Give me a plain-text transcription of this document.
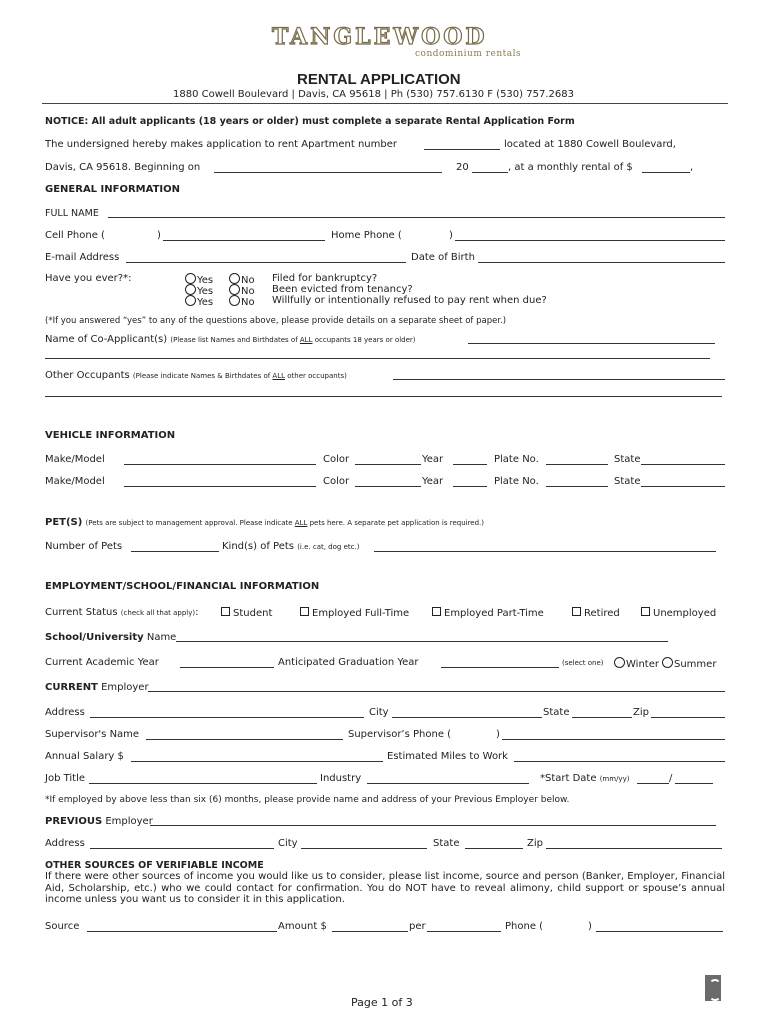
TANGLEWOOD
condominium rentals
RENTAL APPLICATION
1880 Cowell Boulevard | Davis, CA 95618 | Ph (530) 757.6130 F (530) 757.2683
NOTICE: All adult applicants (18 years or older) must complete a separate Rental Application Form
The undersigned hereby makes application to rent Apartment number	located at 1880 Cowell Boulevard,
Davis, CA 95618. Beginning on	20	, at a monthly rental of $	,
GENERAL INFORMATION
FULL NAME
Cell Phone (	)	Home Phone (	)
E-mail Address	Date of Birth
Have you ever?*:	Yes	No Filed for bankruptcy?
Yes	No Been evicted from tenancy?
Yes	No Willfully or intentionally refused to pay rent when due?
(*If you answered “yes” to any of the questions above, please provide details on a separate sheet of paper.)
Name of Co-Applicant(s) (Please list Names and Birthdates of ALL occupants 18 years or older)
Other Occupants (Please indicate Names & Birthdates of ALL other occupants)
VEHICLE INFORMATION
Make/Model	Color	Year	Plate No.	State
Make/Model	Color	Year	Plate No.	State
PET(S) (Pets are subject to management approval. Please indicate ALL pets here. A separate pet application is required.)
Number of Pets	Kind(s) of Pets (i.e. cat, dog etc.)
EMPLOYMENT/SCHOOL/FINANCIAL INFORMATION
Current Status (check all that apply):	Student	Employed Full-Time	Employed Part-Time	Retired	Unemployed
School/University Name
Current Academic Year	Anticipated Graduation Year	(select one)	Winter	Summer
CURRENT Employer
Address	City	State	Zip
Supervisor's Name	Supervisor’s Phone (	)
Annual Salary $	Estimated Miles to Work
Job Title	Industry	*Start Date (mm/yy)	/
*If employed by above less than six (6) months, please provide name and address of your Previous Employer below.
PREVIOUS Employer
Address	City	State	Zip
OTHER SOURCES OF VERIFIABLE INCOME
If there were other sources of income you would like us to consider, please list income, source and person (Banker, Employer, Financial Aid, Scholarship, etc.) who we could contact for confirmation. You do NOT have to reveal alimony, child support or spouse’s annual income unless you want us to consider it in this application.
Source	Amount $	per	Phone (	)
Page 1 of 3
